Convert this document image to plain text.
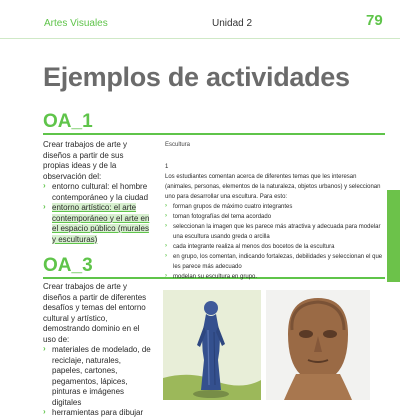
Artes Visuales	Unidad 2	79
Ejemplos de actividades
OA_1

Crear trabajos de arte y diseños a partir de sus propias ideas y de la observación del:

› entorno cultural: el hombre contemporáneo y la ciudad
› entorno artístico: el arte contemporáneo y el arte en el espacio público (murales y esculturas)
OA_3

Crear trabajos de arte y diseños a partir de diferentes desafíos y temas del entorno cultural y artístico, demostrando dominio en el uso de:

› materiales de modelado, de reciclaje, naturales, papeles, cartones, pegamentos, lápices, pinturas e imágenes digitales
› herramientas para dibujar
Escultura

1

Los estudiantes comentan acerca de diferentes temas que les interesan (animales, personas, elementos de la naturaleza, objetos urbanos) y seleccionan uno para desarrollar una escultura. Para esto:

› forman grupos de máximo cuatro integrantes
› toman fotografías del tema acordado
› seleccionan la imagen que les parece más atractiva y adecuada para modelar una escultura usando greda o arcilla
› cada integrante realiza al menos dos bocetos de la escultura
› en grupo, los comentan, indicando fortalezas, debilidades y seleccionan el que les parece más adecuado
› modelan su escultura en grupo.
